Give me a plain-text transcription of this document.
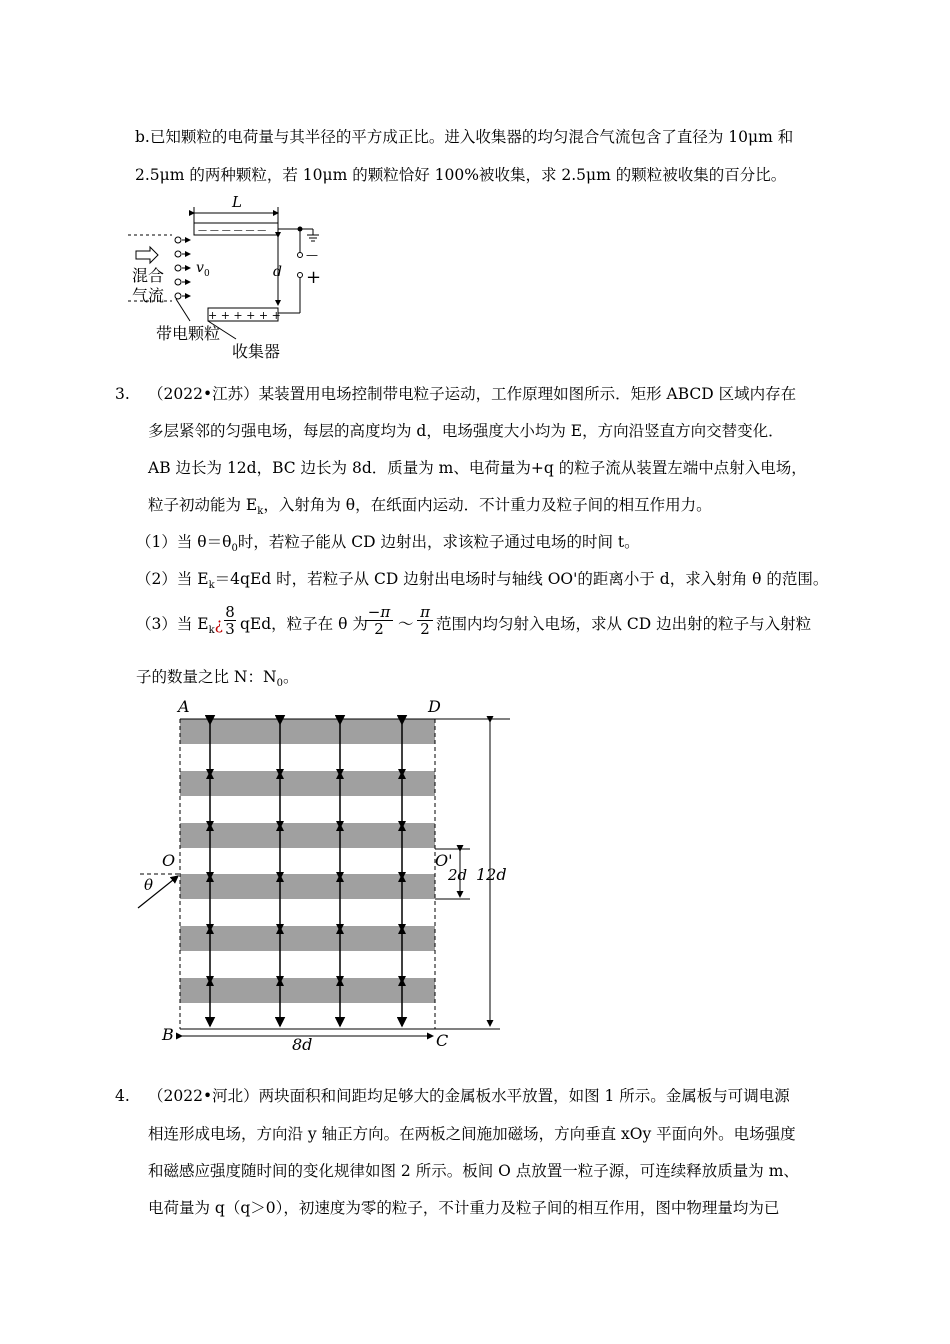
b.已知颗粒的电荷量与其半径的平方成正比。进入收集器的均匀混合气流包含了直径为 10μm 和
2.5μm 的两种颗粒，若 10μm 的颗粒恰好 100%被收集，求 2.5μm 的颗粒被收集的百分比。
L
— — — — — —
+ + + + + +
d
—
+
v 0
混合
气流
带电颗粒
收集器
3. （2022•江苏）某装置用电场控制带电粒子运动，工作原理如图所示．矩形 ABCD 区域内存在
多层紧邻的匀强电场，每层的高度均为 d，电场强度大小均为 E，方向沿竖直方向交替变化．
AB 边长为 12d，BC 边长为 8d．质量为 m、电荷量为+q 的粒子流从装置左端中点射入电场，
粒子初动能为 $E_k$，入射角为 θ，在纸面内运动．不计重力及粒子间的相互作用力。
（1）当 $\theta=\theta_0$时，若粒子能从 CD 边射出，求该粒子通过电场的时间 t。
（2）当 $E_k=4qEd$ 时，若粒子从 CD 边射出电场时与轴线 OO'的距离小于 d，求入射角 θ 的范围。
（3）当 $E_k¿ \frac{8}{3}$ qEd，粒子在 θ 为
$\frac{-\pi}{2}$ ～ $\frac{\pi}{2}$ 范围内均匀射入电场，求从 CD 边出射的粒子与入射粒
子的数量之比 N：$N_0$。
A	D
B	C
O
θ
O'
2d 12d
8d
4. （2022•河北）两块面积和间距均足够大的金属板水平放置，如图 1 所示。金属板与可调电源
相连形成电场，方向沿 y 轴正方向。在两板之间施加磁场，方向垂直 xOy 平面向外。电场强度
和磁感应强度随时间的变化规律如图 2 所示。板间 O 点放置一粒子源，可连续释放质量为 m、
电荷量为 q（q＞0），初速度为零的粒子，不计重力及粒子间的相互作用，图中物理量均为已
